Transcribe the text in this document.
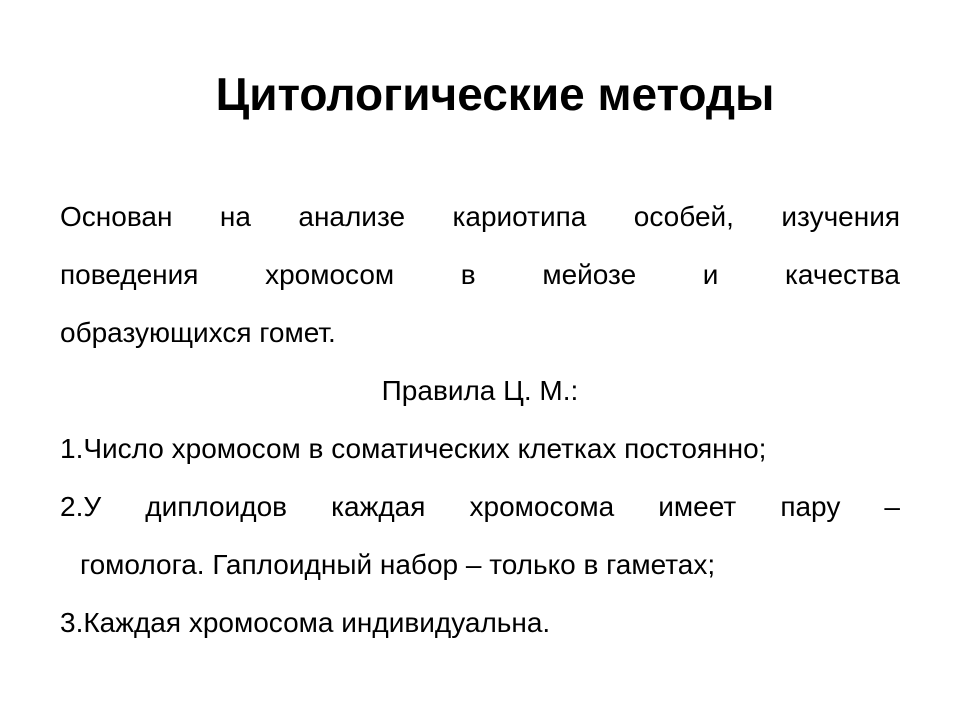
Цитологические методы

Основан на анализе кариотипа особей, изучения
поведения хромосом в мейозе и качества
образующихся гомет.

Правила Ц. М.:

1.Число хромосом в соматических клетках постоянно;

2.У диплоидов каждая хромосома имеет пару –
гомолога. Гаплоидный набор – только в гаметах;

3.Каждая хромосома индивидуальна.
